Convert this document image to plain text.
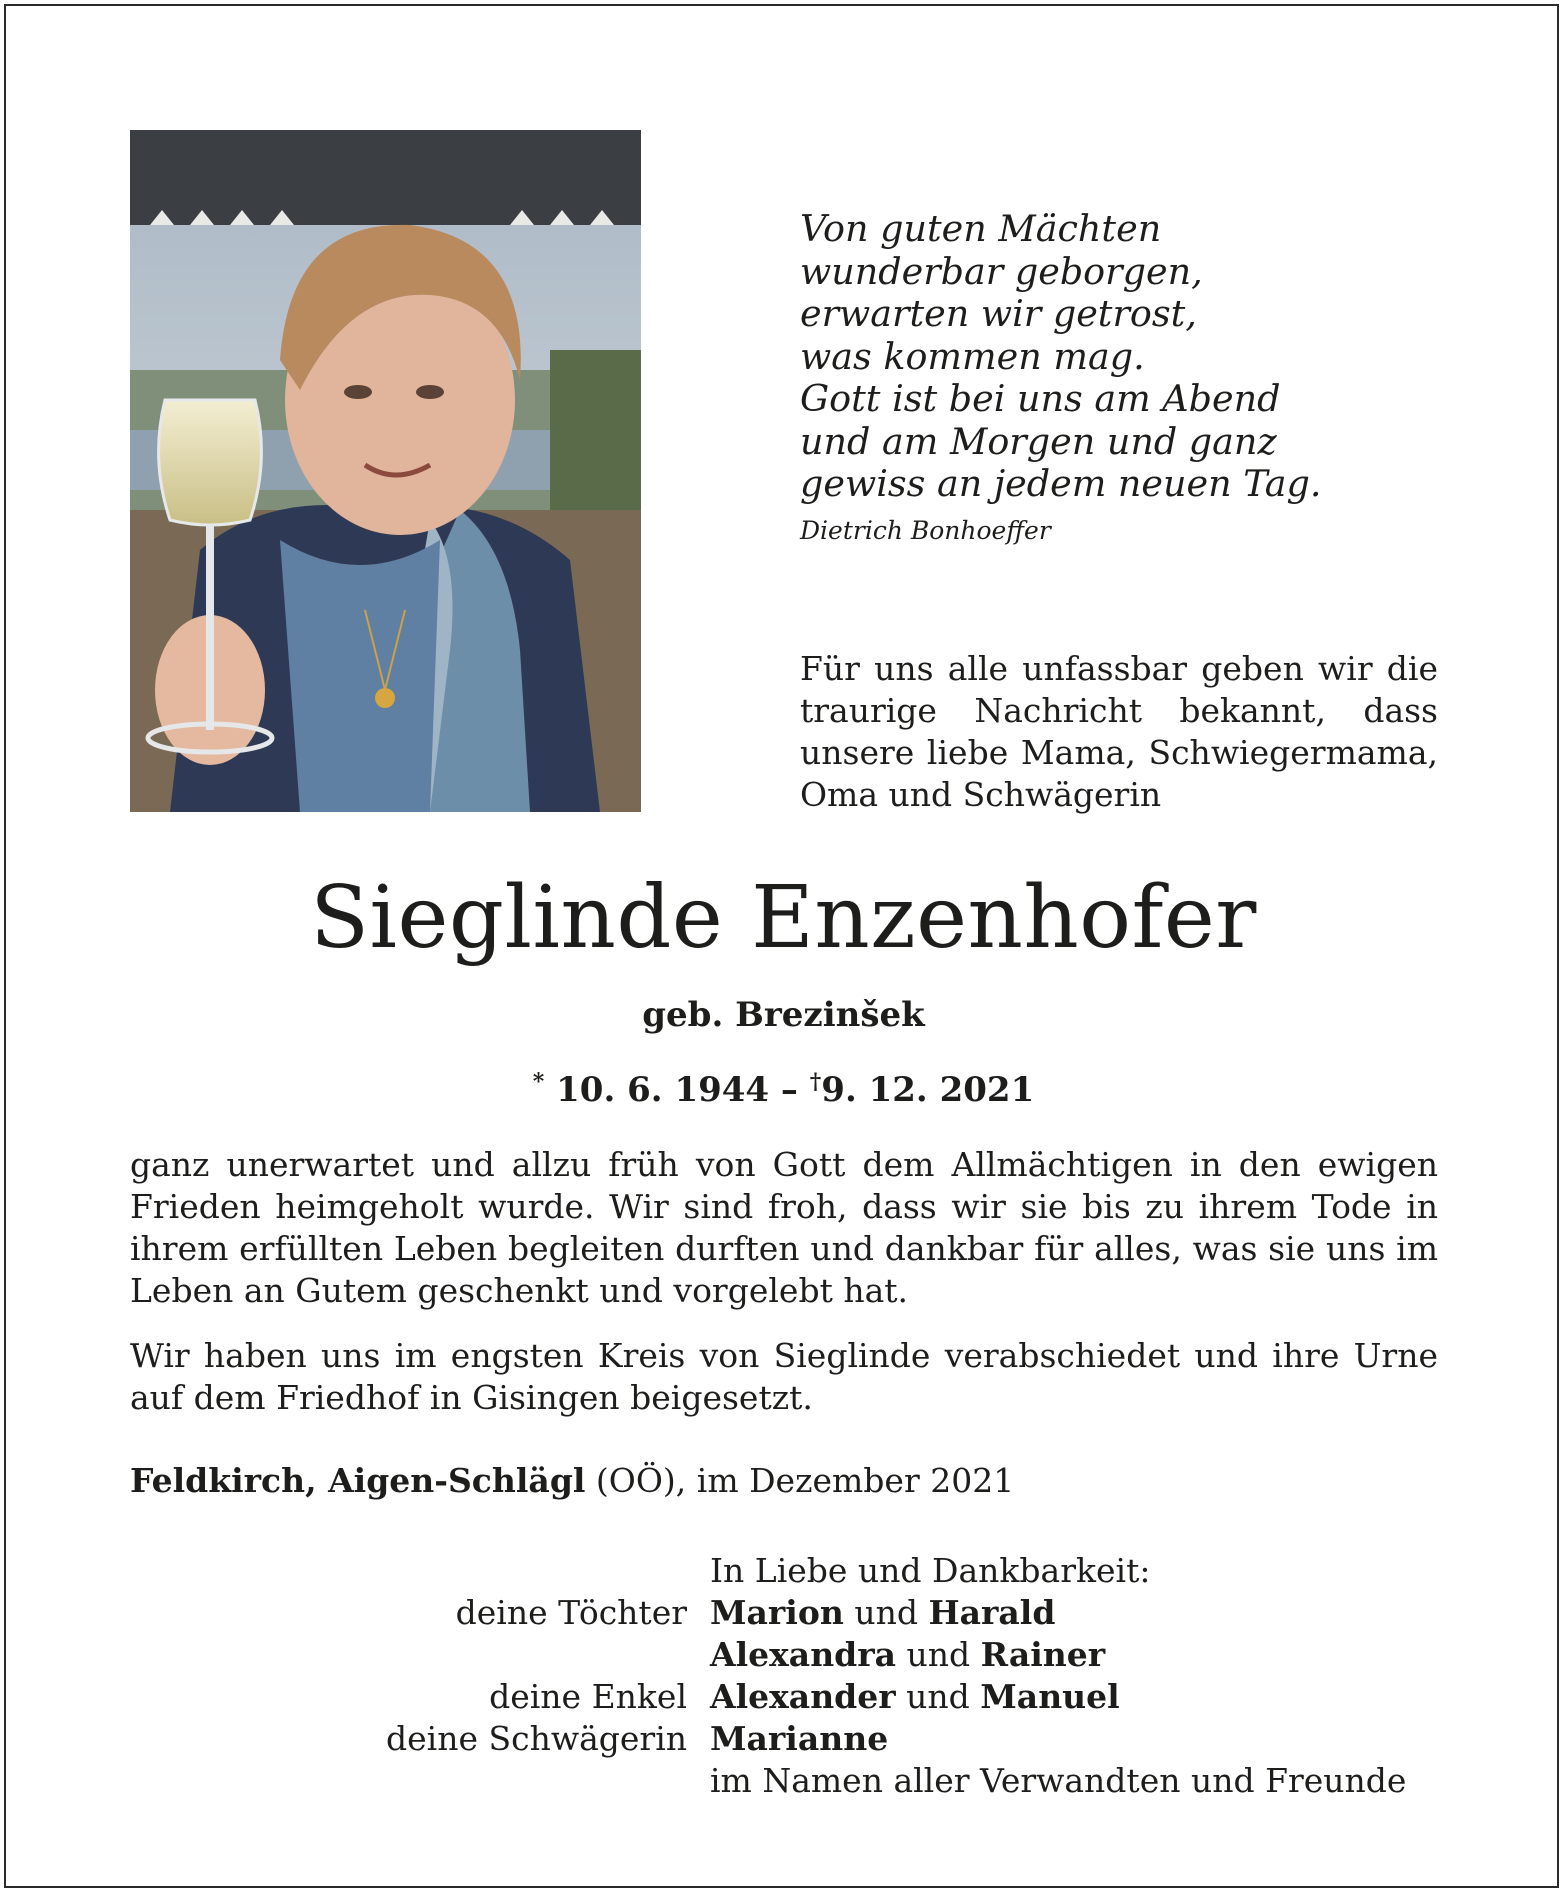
Von guten Mächten
wunderbar geborgen,
erwarten wir getrost,
was kommen mag.
Gott ist bei uns am Abend
und am Morgen und ganz
gewiss an jedem neuen Tag.
Dietrich Bonhoeffer
Für uns alle unfassbar geben wir die
traurige Nachricht bekannt, dass
unsere liebe Mama, Schwiegermama,
Oma und Schwägerin
Sieglinde Enzenhofer
geb. Brezinšek
* 10. 6. 1944 – †9. 12. 2021
ganz unerwartet und allzu früh von Gott dem Allmächtigen in den ewigen
Frieden heimgeholt wurde. Wir sind froh, dass wir sie bis zu ihrem Tode in
ihrem erfüllten Leben begleiten durften und dankbar für alles, was sie uns im
Leben an Gutem geschenkt und vorgelebt hat.
Wir haben uns im engsten Kreis von Sieglinde verabschiedet und ihre Urne
auf dem Friedhof in Gisingen beigesetzt.
Feldkirch, Aigen-Schlägl (OÖ), im Dezember 2021
In Liebe und Dankbarkeit:
deine Töchter Marion und Harald
Alexandra und Rainer
deine Enkel Alexander und Manuel
deine Schwägerin Marianne
im Namen aller Verwandten und Freunde
